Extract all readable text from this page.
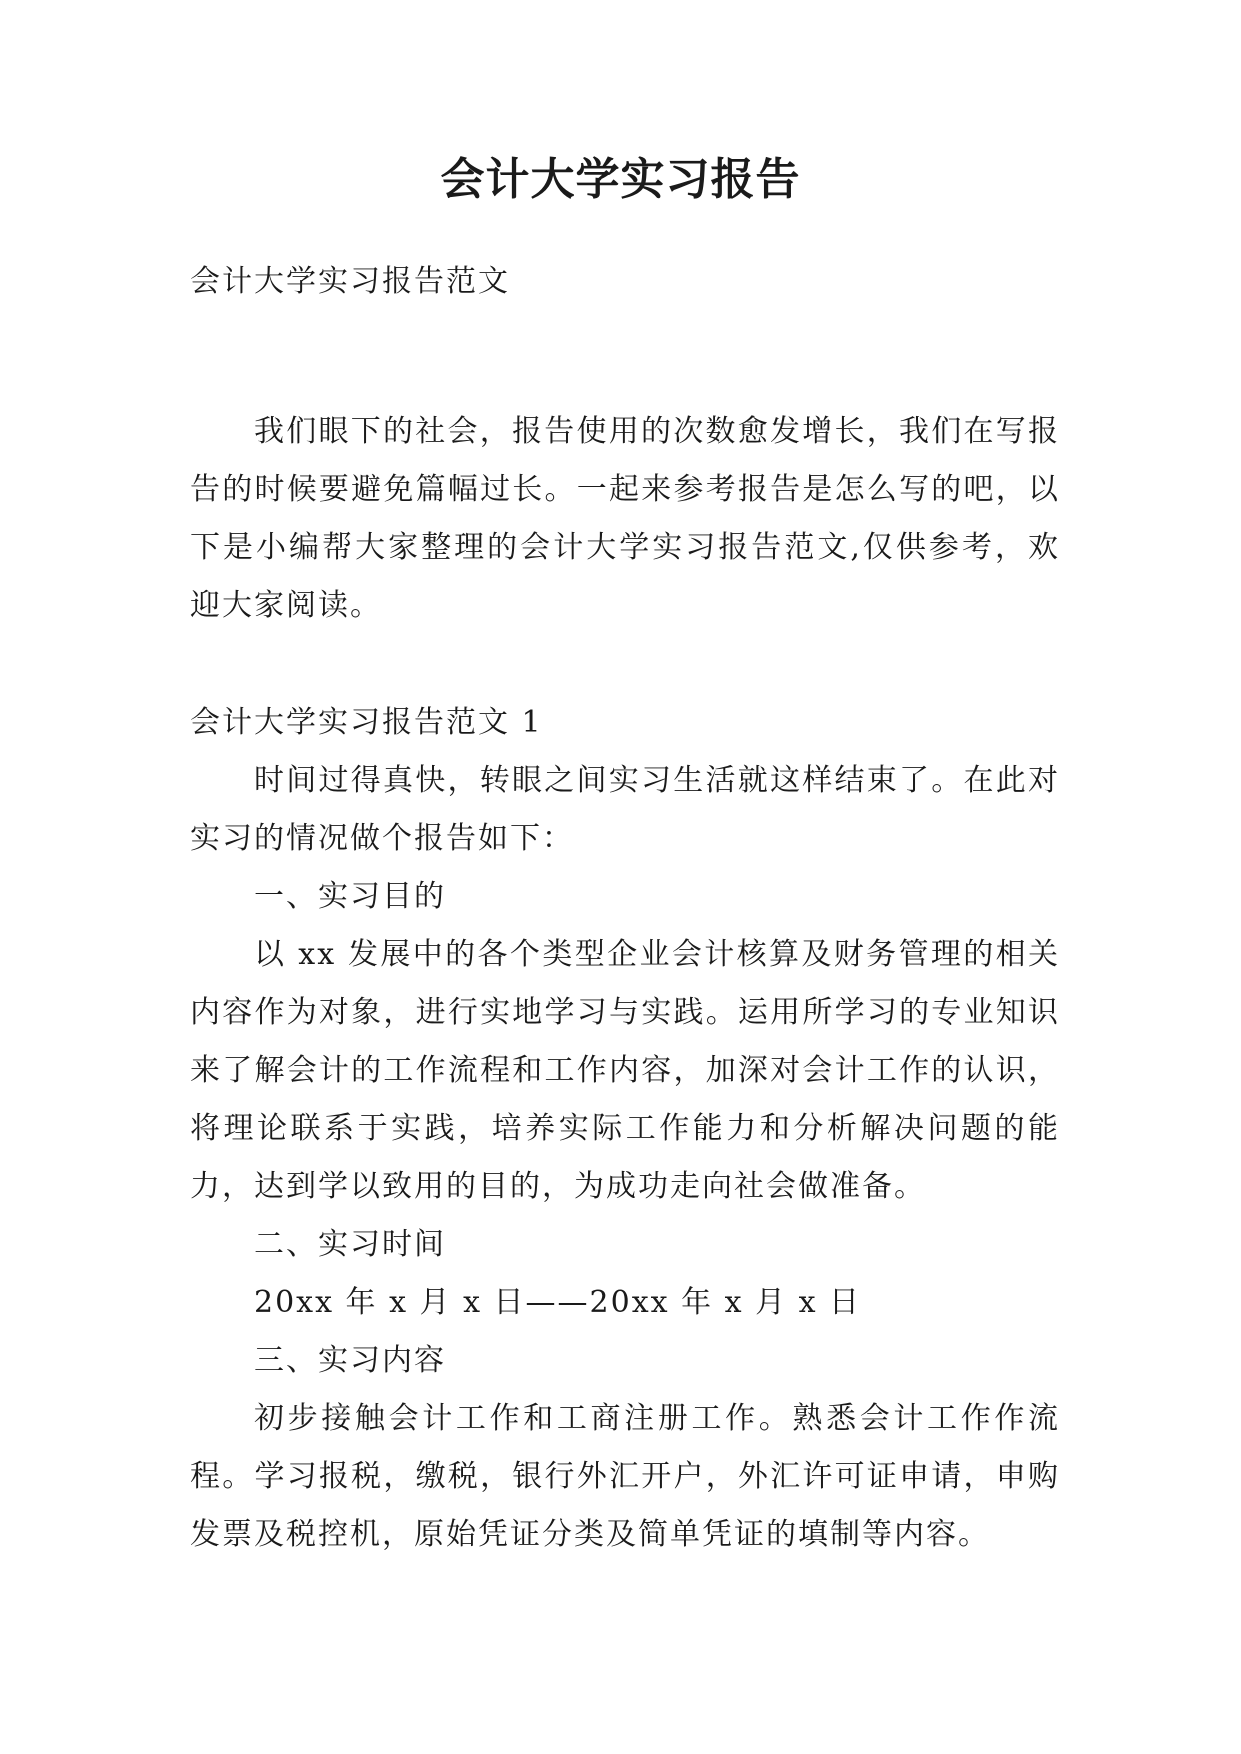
会计大学实习报告
会计大学实习报告范文

我们眼下的社会，报告使用的次数愈发增长，我们在写报告的时候要避免篇幅过长。一起来参考报告是怎么写的吧，以下是小编帮大家整理的会计大学实习报告范文,仅供参考，欢迎大家阅读。

会计大学实习报告范文 1

时间过得真快，转眼之间实习生活就这样结束了。在此对实习的情况做个报告如下：

一、实习目的

以 xx 发展中的各个类型企业会计核算及财务管理的相关内容作为对象，进行实地学习与实践。运用所学习的专业知识来了解会计的工作流程和工作内容，加深对会计工作的认识，将理论联系于实践，培养实际工作能力和分析解决问题的能力，达到学以致用的目的，为成功走向社会做准备。

二、实习时间

20xx 年 x 月 x 日——20xx 年 x 月 x 日

三、实习内容

初步接触会计工作和工商注册工作。熟悉会计工作作流程。学习报税，缴税，银行外汇开户，外汇许可证申请，申购发票及税控机，原始凭证分类及简单凭证的填制等内容。
